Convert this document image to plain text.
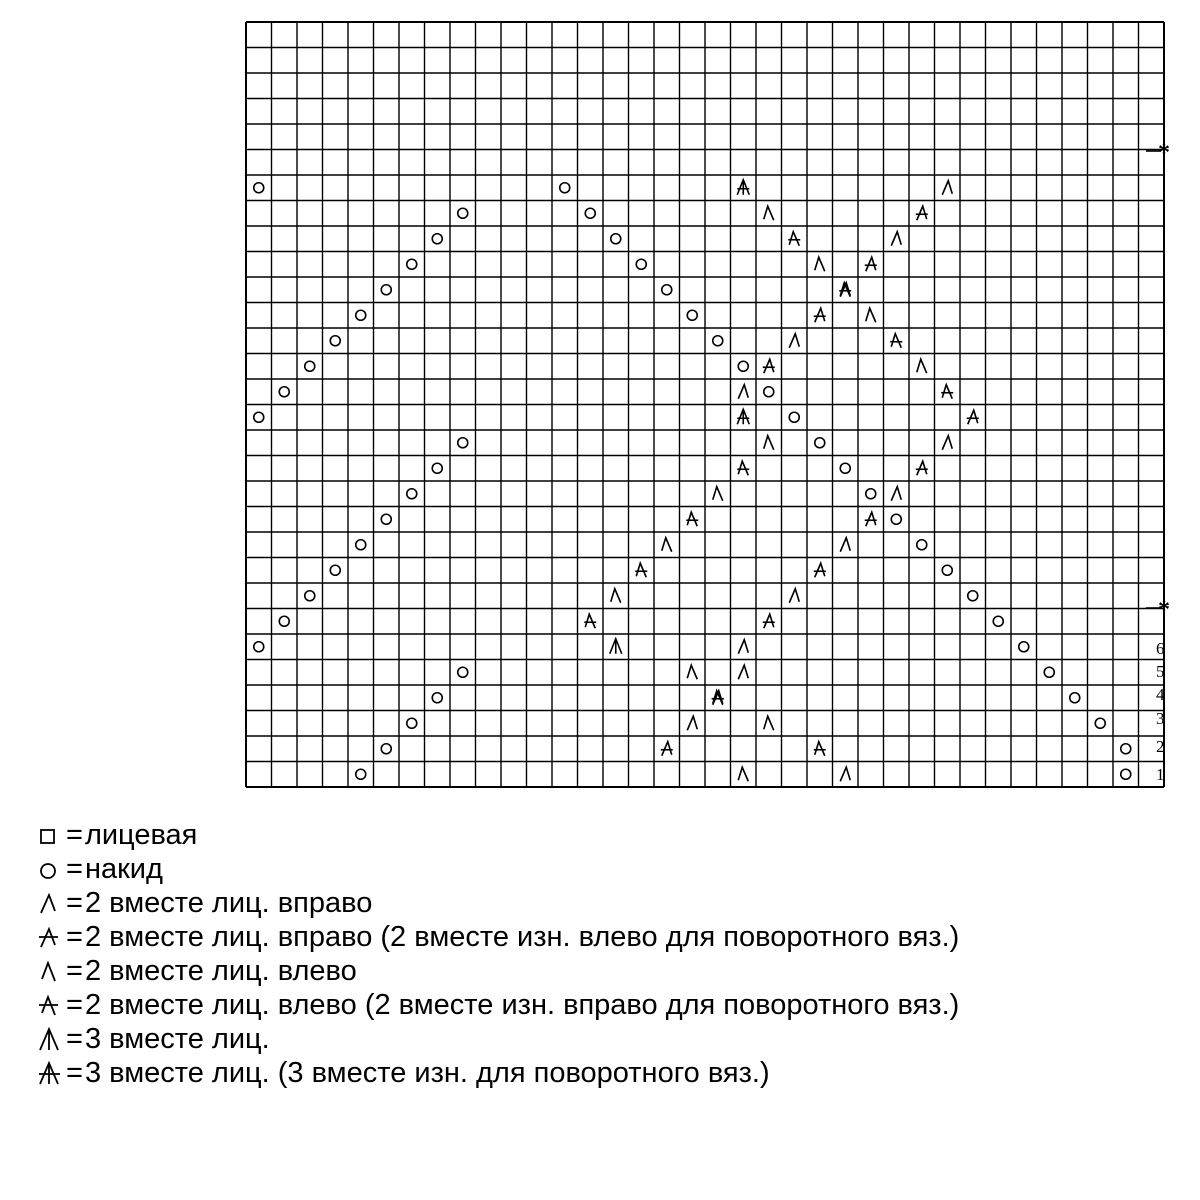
6
5
4
3
2
1
*
*
= лицевая
= накид
= 2 вместе лиц. вправо
= 2 вместе лиц. вправо (2 вместе изн. влево для поворотного вяз.)
= 2 вместе лиц. влево
= 2 вместе лиц. влево (2 вместе изн. вправо для поворотного вяз.)
= 3 вместе лиц.
= 3 вместе лиц. (3 вместе изн. для поворотного вяз.)
